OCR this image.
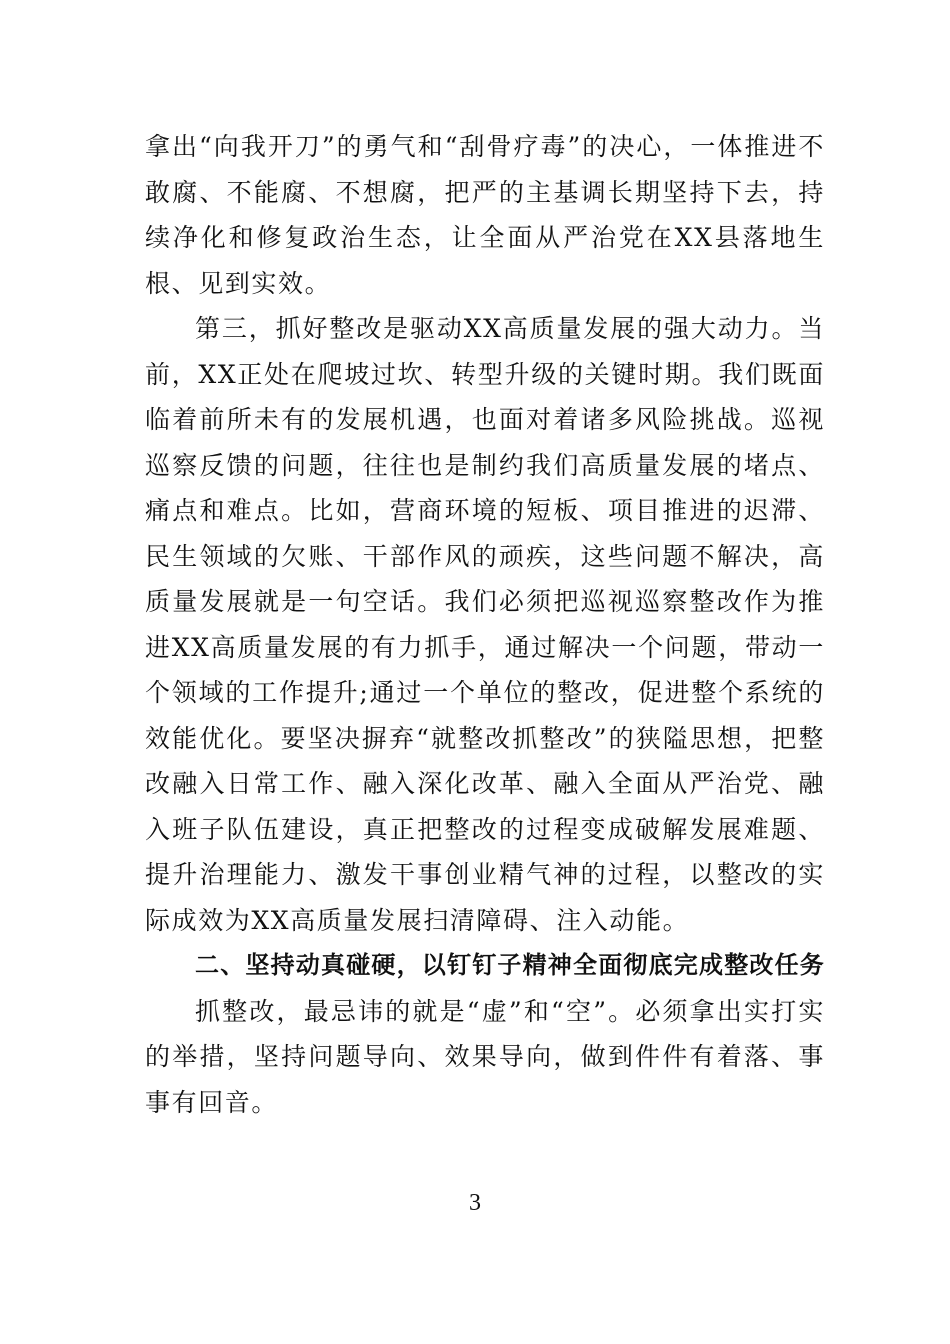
拿出“向我开刀”的勇气和“刮骨疗毒”的决心，一体推进不敢腐、不能腐、不想腐，把严的主基调长期坚持下去，持续净化和修复政治生态，让全面从严治党在XX县落地生根、见到实效。

第三，抓好整改是驱动XX高质量发展的强大动力。当前，XX正处在爬坡过坎、转型升级的关键时期。我们既面临着前所未有的发展机遇，也面对着诸多风险挑战。巡视巡察反馈的问题，往往也是制约我们高质量发展的堵点、痛点和难点。比如，营商环境的短板、项目推进的迟滞、民生领域的欠账、干部作风的顽疾，这些问题不解决，高质量发展就是一句空话。我们必须把巡视巡察整改作为推进XX高质量发展的有力抓手，通过解决一个问题，带动一个领域的工作提升;通过一个单位的整改，促进整个系统的效能优化。要坚决摒弃“就整改抓整改”的狭隘思想，把整改融入日常工作、融入深化改革、融入全面从严治党、融入班子队伍建设，真正把整改的过程变成破解发展难题、提升治理能力、激发干事创业精气神的过程，以整改的实际成效为XX高质量发展扫清障碍、注入动能。

二、坚持动真碰硬，以钉钉子精神全面彻底完成整改任务

抓整改，最忌讳的就是“虚”和“空”。必须拿出实打实的举措，坚持问题导向、效果导向，做到件件有着落、事事有回音。

3
